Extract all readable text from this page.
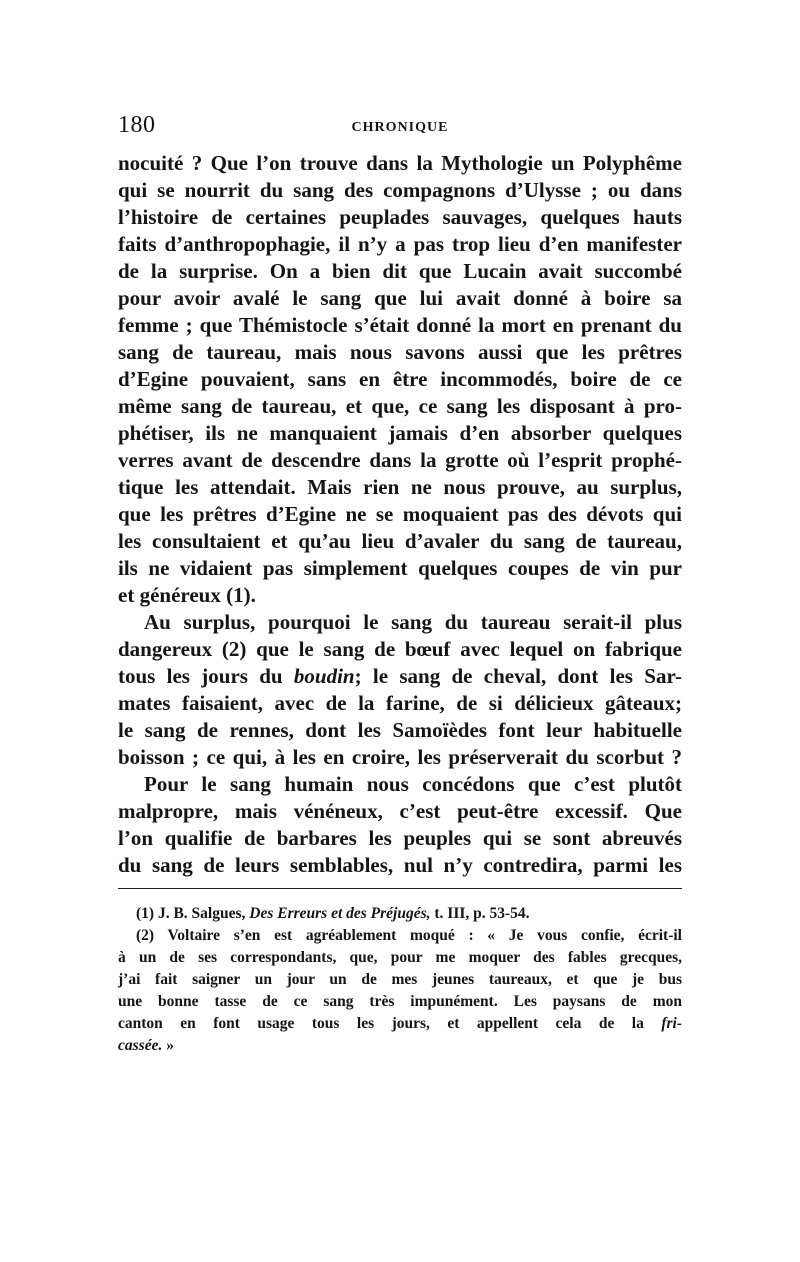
180	CHRONIQUE
nocuité ? Que l’on trouve dans la Mythologie un Polyphême
qui se nourrit du sang des compagnons d’Ulysse ; ou dans
l’histoire de certaines peuplades sauvages, quelques hauts
faits d’anthropophagie, il n’y a pas trop lieu d’en manifester
de la surprise. On a bien dit que Lucain avait succombé
pour avoir avalé le sang que lui avait donné à boire sa
femme ; que Thémistocle s’était donné la mort en prenant du
sang de taureau, mais nous savons aussi que les prêtres
d’Egine pouvaient, sans en être incommodés, boire de ce
même sang de taureau, et que, ce sang les disposant à pro-
phétiser, ils ne manquaient jamais d’en absorber quelques
verres avant de descendre dans la grotte où l’esprit prophé-
tique les attendait. Mais rien ne nous prouve, au surplus,
que les prêtres d’Egine ne se moquaient pas des dévots qui
les consultaient et qu’au lieu d’avaler du sang de taureau,
ils ne vidaient pas simplement quelques coupes de vin pur
et généreux (1).
Au surplus, pourquoi le sang du taureau serait-il plus
dangereux (2) que le sang de bœuf avec lequel on fabrique
tous les jours du boudin; le sang de cheval, dont les Sar-
mates faisaient, avec de la farine, de si délicieux gâteaux;
le sang de rennes, dont les Samoïèdes font leur habituelle
boisson ; ce qui, à les en croire, les préserverait du scorbut ?
Pour le sang humain nous concédons que c’est plutôt
malpropre, mais vénéneux, c’est peut-être excessif. Que
l’on qualifie de barbares les peuples qui se sont abreuvés
du sang de leurs semblables, nul n’y contredira, parmi les
(1) J. B. Salgues, Des Erreurs et des Préjugés, t. III, p. 53-54.
(2) Voltaire s’en est agréablement moqué : « Je vous confie, écrit-il
à un de ses correspondants, que, pour me moquer des fables grecques,
j’ai fait saigner un jour un de mes jeunes taureaux, et que je bus
une bonne tasse de ce sang très impunément. Les paysans de mon
canton en font usage tous les jours, et appellent cela de la fri-
cassée. »
